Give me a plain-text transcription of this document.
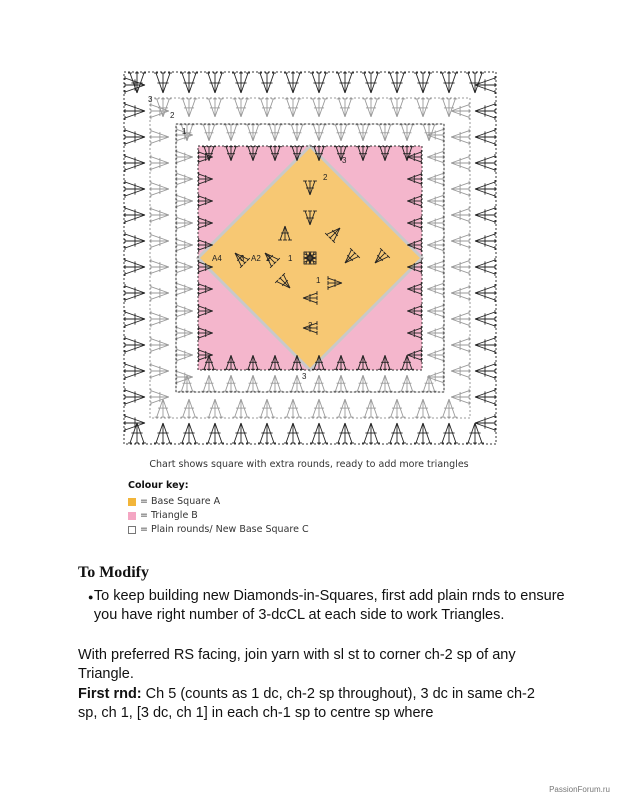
3
2
1
2
3
A4 3 A2 2 1
1
2
3
Chart shows square with extra rounds, ready to add more triangles
Colour key:
= Base Square A
= Triangle B
= Plain rounds/ New Base Square C
To Modify
● To keep building new Diamonds-in-Squares, first add plain rnds to ensure you have right number of 3-dcCL at each side to work Triangles.
With preferred RS facing, join yarn with sl st to corner ch-2 sp of any Triangle.
First rnd: Ch 5 (counts as 1 dc, ch-2 sp throughout), 3 dc in same ch-2 sp, ch 1, [3 dc, ch 1] in each ch-1 sp to centre sp where
PassionForum.ru
